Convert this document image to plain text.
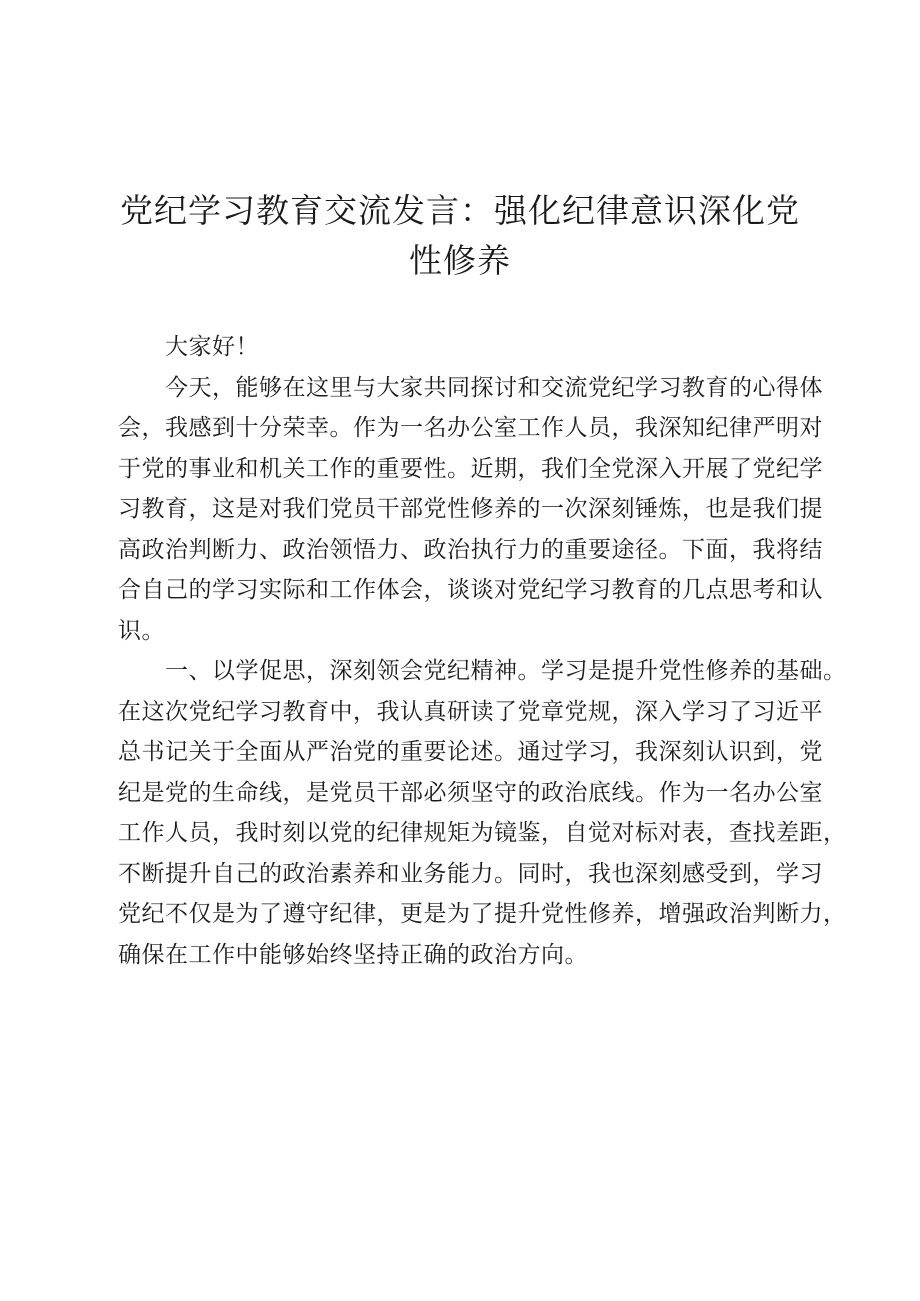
党纪学习教育交流发言：强化纪律意识深化党
性修养

大家好！

今天，能够在这里与大家共同探讨和交流党纪学习教育的心得体
会，我感到十分荣幸。作为一名办公室工作人员，我深知纪律严明对
于党的事业和机关工作的重要性。近期，我们全党深入开展了党纪学
习教育，这是对我们党员干部党性修养的一次深刻锤炼，也是我们提
高政治判断力、政治领悟力、政治执行力的重要途径。下面，我将结
合自己的学习实际和工作体会，谈谈对党纪学习教育的几点思考和认
识。

一、以学促思，深刻领会党纪精神。学习是提升党性修养的基础。
在这次党纪学习教育中，我认真研读了党章党规，深入学习了习近平
总书记关于全面从严治党的重要论述。通过学习，我深刻认识到，党
纪是党的生命线，是党员干部必须坚守的政治底线。作为一名办公室
工作人员，我时刻以党的纪律规矩为镜鉴，自觉对标对表，查找差距，
不断提升自己的政治素养和业务能力。同时，我也深刻感受到，学习
党纪不仅是为了遵守纪律，更是为了提升党性修养，增强政治判断力，
确保在工作中能够始终坚持正确的政治方向。
